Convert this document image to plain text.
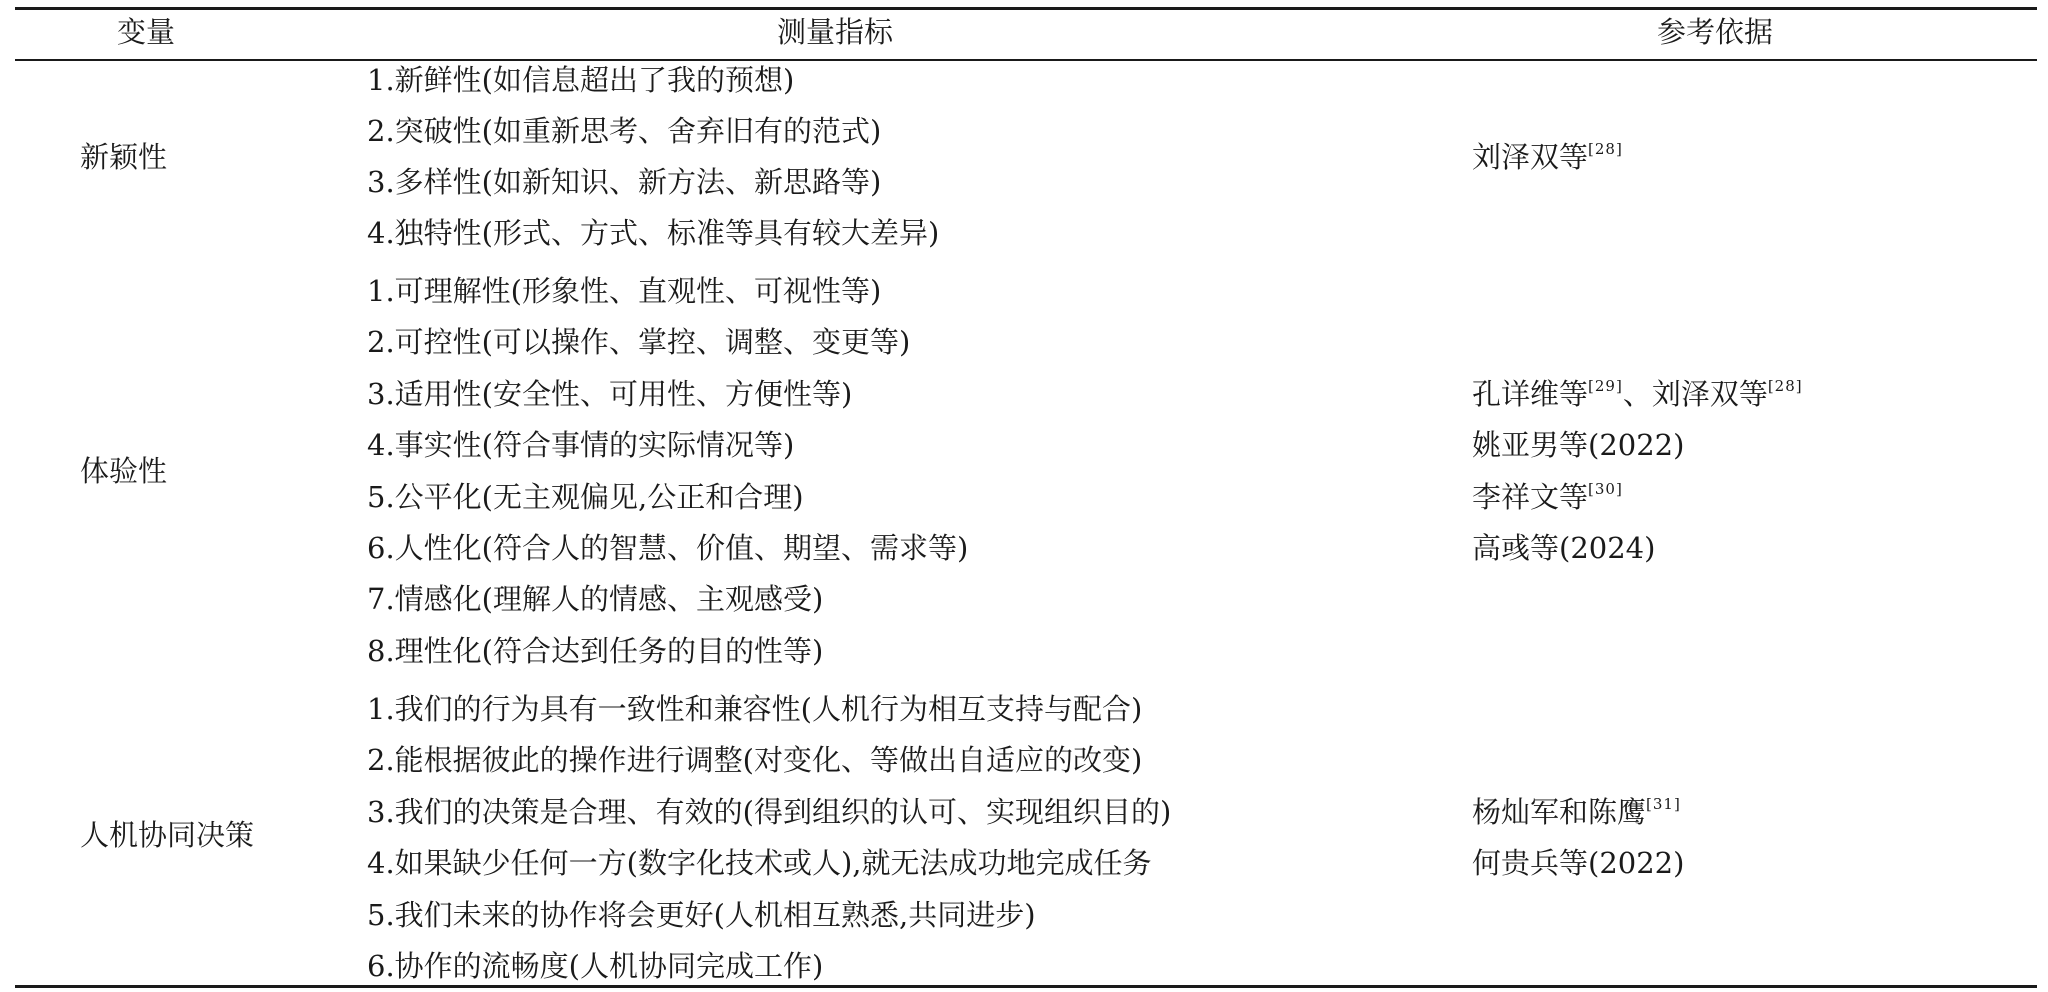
变量	测量指标	参考依据
新颖性
1.新鲜性(如信息超出了我的预想)
2.突破性(如重新思考、舍弃旧有的范式)
3.多样性(如新知识、新方法、新思路等)
4.独特性(形式、方式、标准等具有较大差异)
刘泽双等[28]
体验性
1.可理解性(形象性、直观性、可视性等)
2.可控性(可以操作、掌控、调整、变更等)
3.适用性(安全性、可用性、方便性等)
4.事实性(符合事情的实际情况等)
5.公平化(无主观偏见,公正和合理)
6.人性化(符合人的智慧、价值、期望、需求等)
7.情感化(理解人的情感、主观感受)
8.理性化(符合达到任务的目的性等)
孔详维等[29]、刘泽双等[28]
姚亚男等(2022)
李祥文等[30]
高彧等(2024)
人机协同决策
1.我们的行为具有一致性和兼容性(人机行为相互支持与配合)
2.能根据彼此的操作进行调整(对变化、等做出自适应的改变)
3.我们的决策是合理、有效的(得到组织的认可、实现组织目的)
4.如果缺少任何一方(数字化技术或人),就无法成功地完成任务
5.我们未来的协作将会更好(人机相互熟悉,共同进步)
6.协作的流畅度(人机协同完成工作)
杨灿军和陈鹰[31]
何贵兵等(2022)
